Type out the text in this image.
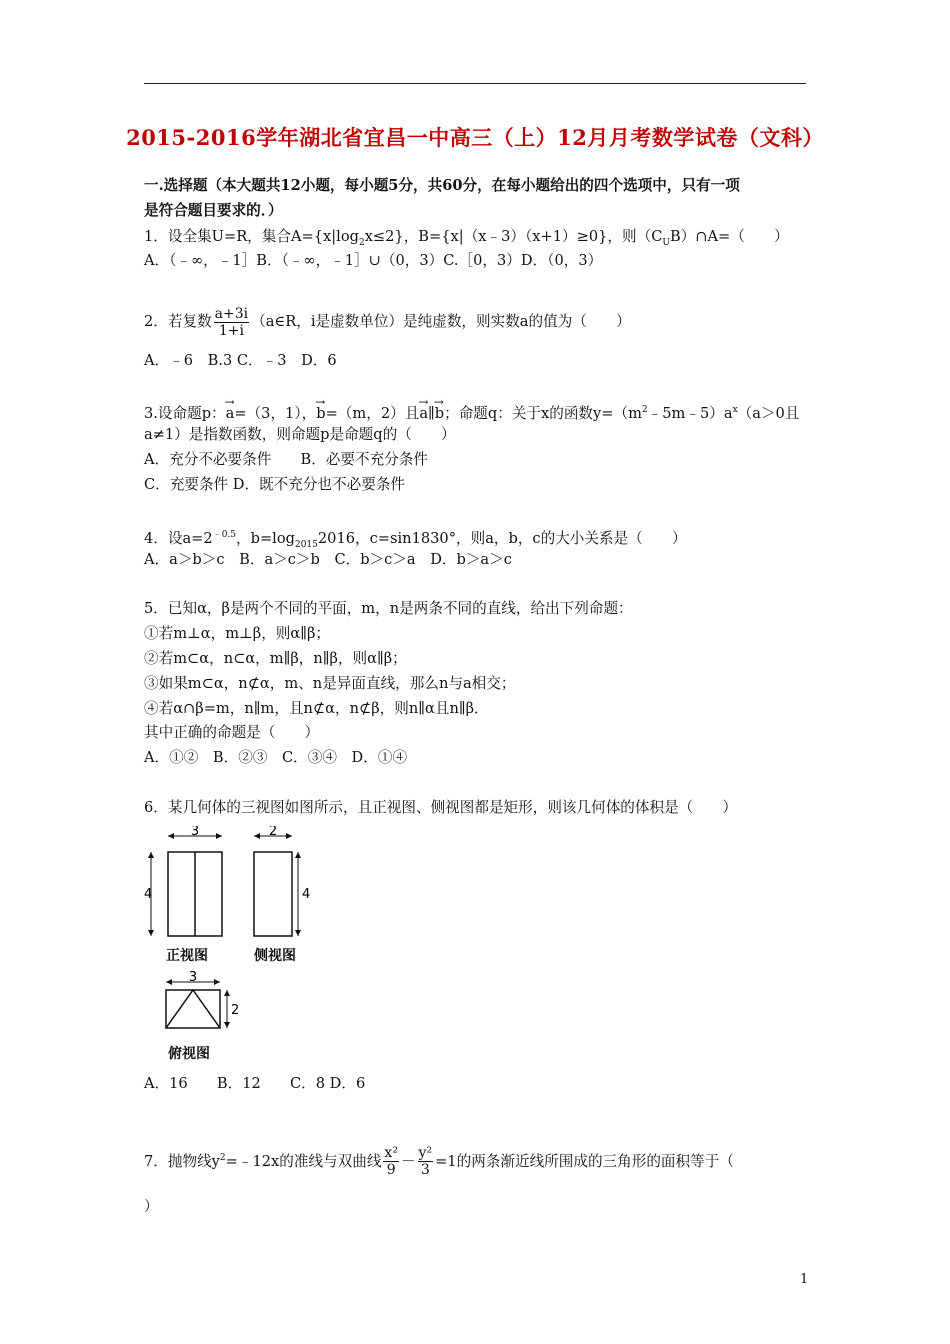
2015-2016学年湖北省宜昌一中高三（上）12月月考数学试卷（文科）
一.选择题（本大题共12小题，每小题5分，共60分，在每小题给出的四个选项中，只有一项
是符合题目要求的．）
1．设全集U=R，集合$A=\{x|\log_2x\le 2\}$，B={x|（x﹣3）（x+1）≥0}，则$(C_UB)\cap A=$（　　）
A．（﹣∞，﹣1］B．（﹣∞，﹣1］∪（0，3）C.［0，3）D．（0，3）
2．若复数 $\frac{a+3i}{1+i}$ （a∈R，i是虚数单位）是纯虚数，则实数a的值为（　　）
A．﹣6　B.3 C．﹣3　D．6
3.设命题p：→ a=（3，1），→ b=（m，2）且→ a∥→ b；命题q：关于x的函数$y=(m^2﹣5m﹣5)a^x(a>0$且
a≠1）是指数函数，则命题p是命题q的（　　）
A．充分不必要条件　　B．必要不充分条件
C．充要条件 D．既不充分也不必要条件
4．设$a=2^{﹣0.5}$，$b=\log_{2015}2016$，c=sin1830°，则a，b，c的大小关系是（　　）
A．a＞b＞c　B．a＞c＞b　C．b＞c＞a　D．b＞a＞c
5．已知α，β是两个不同的平面，m，n是两条不同的直线，给出下列命题：
①若m⊥α，m⊥β，则α∥β；
②若m⊂α，n⊂α，m∥β，n∥β，则α∥β；
③如果m⊂α，n⊄α，m、n是异面直线，那么n与a相交；
④若α∩β=m，n∥m，且n⊄α，n⊄β，则n∥α且n∥β．
其中正确的命题是（　　）
A．①②　B．②③　C．③④　D．①④
6．某几何体的三视图如图所示，且正视图、侧视图都是矩形，则该几何体的体积是（　　）
3
4
正视图
2
4
侧视图
3
2
俯视图
A．16　　B．12　　C．8 D．6
7．抛物线$y^2=﹣12x$的准线与双曲线 $\frac{\text{x²}}{9} - \frac{\text{y²}}{3} =1$的两条渐近线所围成的三角形的面积等于（
）
1
